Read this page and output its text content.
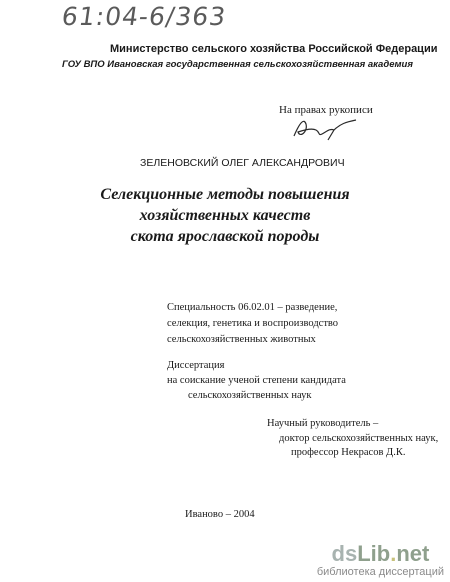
61:04-6/363
Министерство сельского хозяйства Российской Федерации
ГОУ ВПО Ивановская государственная сельскохозяйственная академия
На правах рукописи
ЗЕЛЕНОВСКИЙ ОЛЕГ АЛЕКСАНДРОВИЧ
Селекционные методы повышения
хозяйственных качеств
скота ярославской породы
Специальность 06.02.01 – разведение,
селекция, генетика и воспроизводство
сельскохозяйственных животных
Диссертация
на соискание ученой степени кандидата
сельскохозяйственных наук
Научный руководитель –
доктор сельскохозяйственных наук,
профессор Некрасов Д.К.
Иваново – 2004
dsLib.net
библиотека диссертаций
